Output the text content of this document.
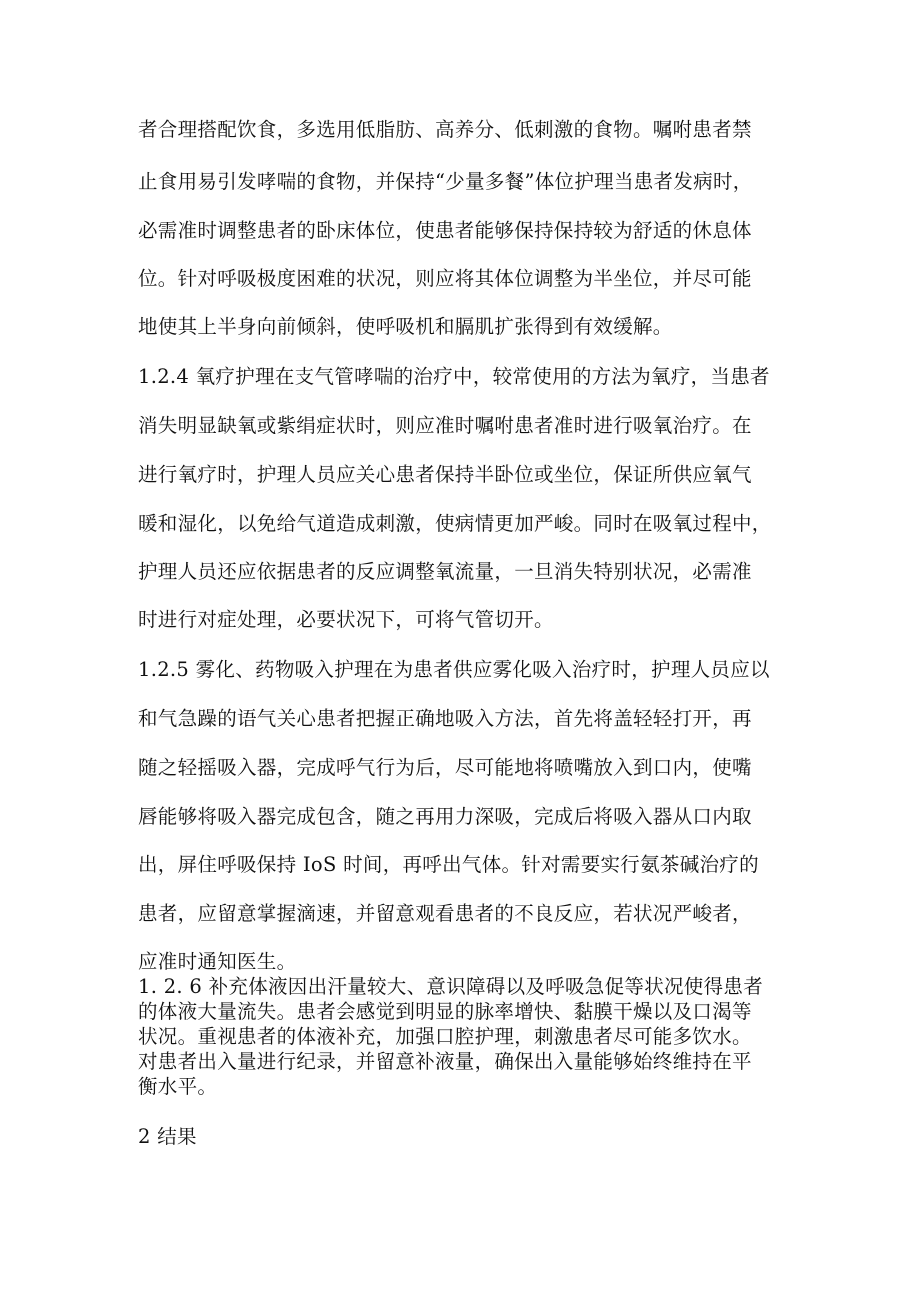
者合理搭配饮食，多选用低脂肪、高养分、低刺激的食物。嘱咐患者禁
止食用易引发哮喘的食物，并保持“少量多餐”体位护理当患者发病时，
必需准时调整患者的卧床体位，使患者能够保持保持较为舒适的休息体
位。针对呼吸极度困难的状况，则应将其体位调整为半坐位，并尽可能
地使其上半身向前倾斜，使呼吸机和膈肌扩张得到有效缓解。
1.2.4 氧疗护理在支气管哮喘的治疗中，较常使用的方法为氧疗，当患者
消失明显缺氧或紫绢症状时，则应准时嘱咐患者准时进行吸氧治疗。在
进行氧疗时，护理人员应关心患者保持半卧位或坐位，保证所供应氧气
暖和湿化，以免给气道造成刺激，使病情更加严峻。同时在吸氧过程中，
护理人员还应依据患者的反应调整氧流量，一旦消失特别状况，必需准
时进行对症处理，必要状况下，可将气管切开。
1.2.5 雾化、药物吸入护理在为患者供应雾化吸入治疗时，护理人员应以
和气急躁的语气关心患者把握正确地吸入方法，首先将盖轻轻打开，再
随之轻摇吸入器，完成呼气行为后，尽可能地将喷嘴放入到口内，使嘴
唇能够将吸入器完成包含，随之再用力深吸，完成后将吸入器从口内取
出，屏住呼吸保持 IoS 时间，再呼出气体。针对需要实行氨茶碱治疗的
患者，应留意掌握滴速，并留意观看患者的不良反应，若状况严峻者，
应准时通知医生。
1. 2. 6 补充体液因出汗量较大、意识障碍以及呼吸急促等状况使得患者
的体液大量流失。患者会感觉到明显的脉率增快、黏膜干燥以及口渴等
状况。重视患者的体液补充，加强口腔护理，刺激患者尽可能多饮水。
对患者出入量进行纪录，并留意补液量，确保出入量能够始终维持在平
衡水平。
2 结果
